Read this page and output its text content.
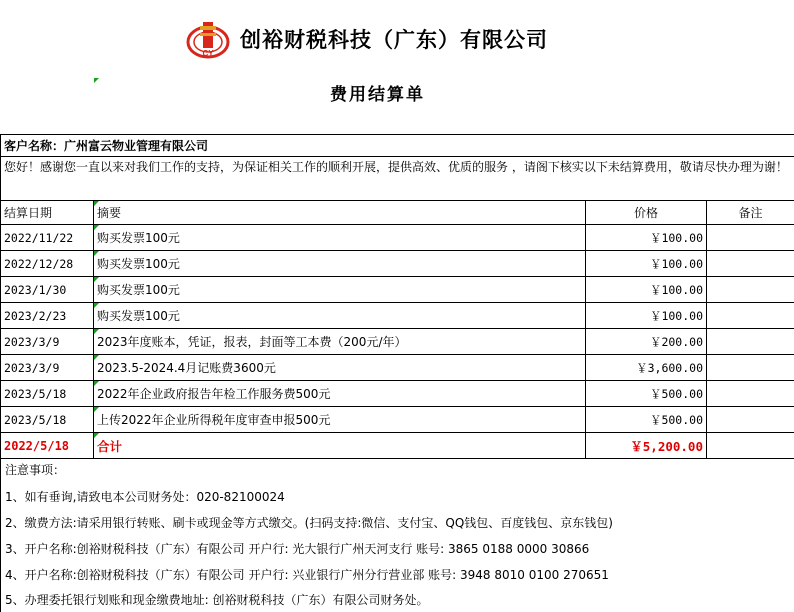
CY
创裕财税科技（广东）有限公司
费用结算单
客户名称：广州富云物业管理有限公司			
您好！感谢您一直以来对我们工作的支持，为保证相关工作的顺利开展，提供高效、优质的服务 ，请阁下核实以下未结算费用，敬请尽快办理为谢！			
结算日期	摘要	价格	备注
2022/11/22	购买发票100元	￥100.00	
2022/12/28	购买发票100元	￥100.00	
2023/1/30	购买发票100元	￥100.00	
2023/2/23	购买发票100元	￥100.00	
2023/3/9	2023年度账本，凭证，报表，封面等工本费（200元/年）	￥200.00	
2023/3/9	2023.5-2024.4月记账费3600元	￥3,600.00	
2023/5/18	2022年企业政府报告年检工作服务费500元	￥500.00	
2023/5/18	上传2022年企业所得税年度审查申报500元	￥500.00	
2022/5/18	合计	￥5,200.00	
注意事项：
1、如有垂询,请致电本公司财务处：020-82100024
2、缴费方法:请采用银行转账、刷卡或现金等方式缴交。(扫码支持:微信、支付宝、QQ钱包、百度钱包、京东钱包)
3、开户名称:创裕财税科技（广东）有限公司 开户行: 光大银行广州天河支行 账号: 3865 0188 0000 30866
4、开户名称:创裕财税科技（广东）有限公司 开户行: 兴业银行广州分行营业部 账号: 3948 8010 0100 270651
5、办理委托银行划账和现金缴费地址: 创裕财税科技（广东）有限公司财务处。
